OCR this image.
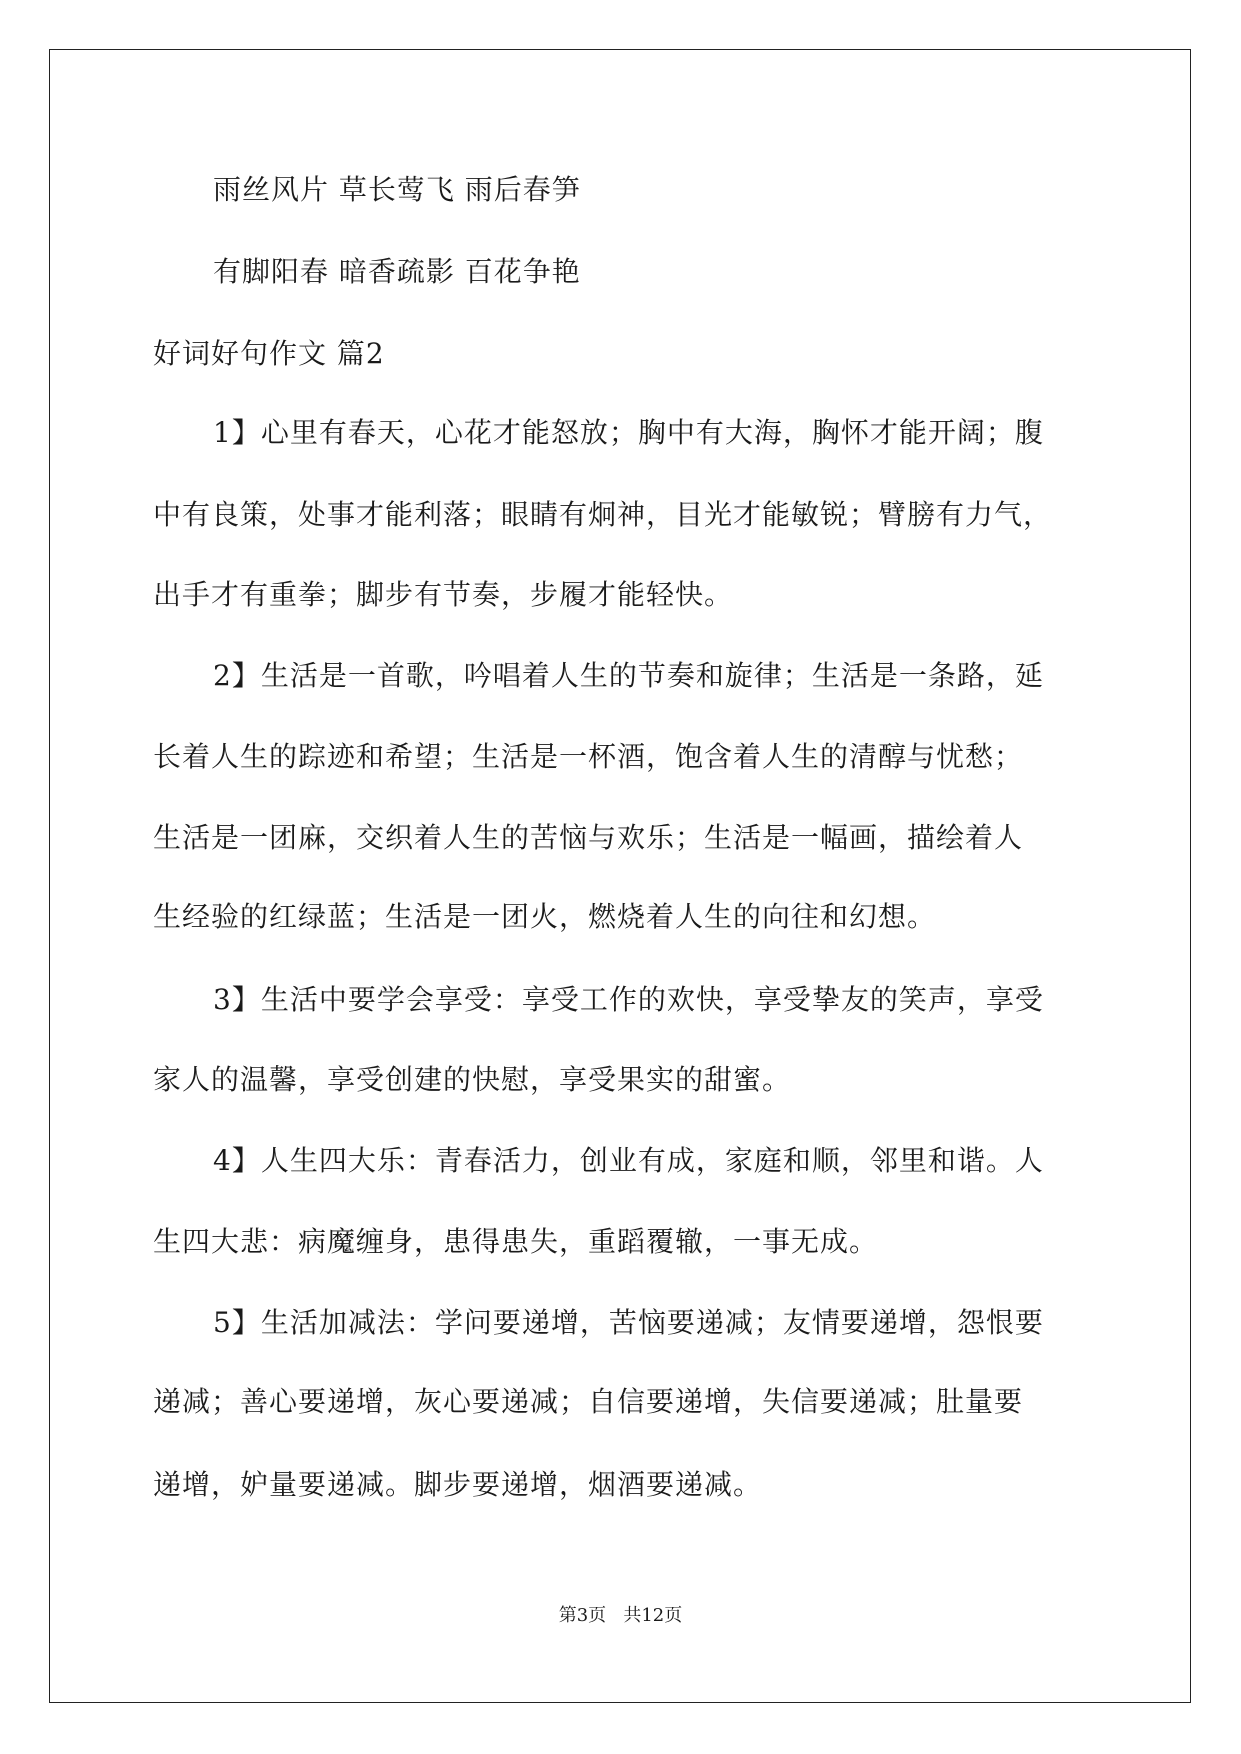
雨丝风片 草长莺飞 雨后春笋
有脚阳春 暗香疏影 百花争艳
好词好句作文 篇2
1】心里有春天，心花才能怒放；胸中有大海，胸怀才能开阔；腹
中有良策，处事才能利落；眼睛有炯神，目光才能敏锐；臂膀有力气，
出手才有重拳；脚步有节奏，步履才能轻快。
2】生活是一首歌，吟唱着人生的节奏和旋律；生活是一条路，延
长着人生的踪迹和希望；生活是一杯酒，饱含着人生的清醇与忧愁；
生活是一团麻，交织着人生的苦恼与欢乐；生活是一幅画，描绘着人
生经验的红绿蓝；生活是一团火，燃烧着人生的向往和幻想。
3】生活中要学会享受：享受工作的欢快，享受挚友的笑声，享受
家人的温馨，享受创建的快慰，享受果实的甜蜜。
4】人生四大乐：青春活力，创业有成，家庭和顺，邻里和谐。人
生四大悲：病魔缠身，患得患失，重蹈覆辙，一事无成。
5】生活加减法：学问要递增，苦恼要递减；友情要递增，怨恨要
递减；善心要递增，灰心要递减；自信要递增，失信要递减；肚量要
递增，妒量要递减。脚步要递增，烟酒要递减。
第3页   共12页
